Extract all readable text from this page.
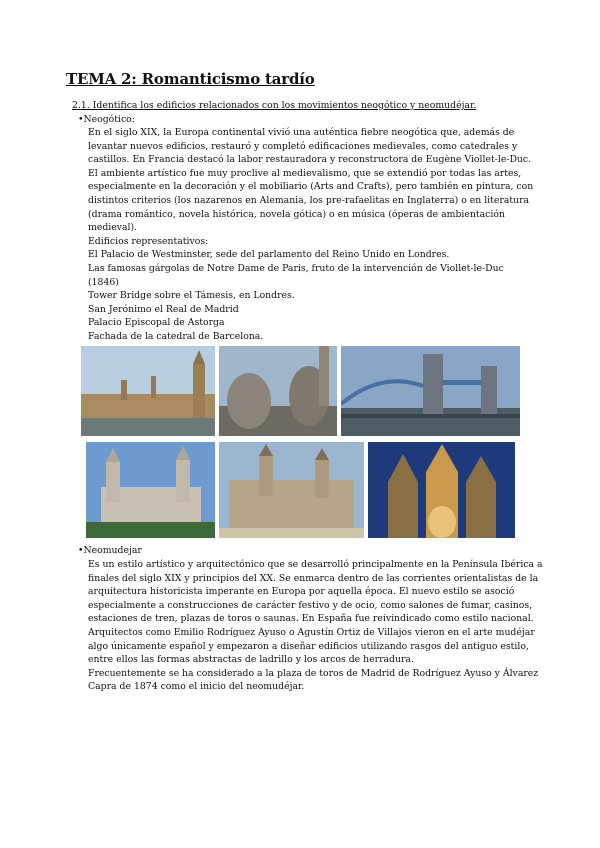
TEMA 2: Romanticismo tardío
2.1. Identifica los edificios relacionados con los movimientos neogótico y neomudéjar.
•Neogótico:
En el siglo XIX, la Europa continental vivió una auténtica fiebre neogótica que, además de
levantar nuevos edificios, restauró y completó edificaciones medievales, como catedrales y
castillos. En Francia destacó la labor restauradora y reconstructora de Eugène Viollet-le-Duc.
El ambiente artístico fue muy proclive al medievalismo, que se extendió por todas las artes,
especialmente en la decoración y el mobiliario (Arts and Crafts), pero también en pintura, con
distintos criterios (los nazarenos en Alemania, los pre-rafaelitas en Inglaterra) o en literatura
(drama romántico, novela histórica, novela gótica) o en música (óperas de ambientación
medieval).
Edificios representativos:
El Palacio de Westminster, sede del parlamento del Reino Unido en Londres.
Las famosas gárgolas de Notre Dame de Paris, fruto de la intervención de Viollet-le-Duc
(1846)
Tower Bridge sobre el Támesis, en Londres.
San Jerónimo el Real de Madrid
Palacio Episcopal de Astorga
Fachada de la catedral de Barcelona.
•Neomudejar
Es un estilo artístico y arquitectónico que se desarrolló principalmente en la Península Ibérica a
finales del siglo XIX y principios del XX. Se enmarca dentro de las corrientes orientalistas de la
arquitectura historicista imperante en Europa por aquella época. El nuevo estilo se asoció
especialmente a construcciones de carácter festivo y de ocio, como salones de fumar, casinos,
estaciones de tren, plazas de toros o saunas. En España fue reivindicado como estilo nacional.
Arquitectos como Emilio Rodríguez Ayuso o Agustín Ortiz de Villajos vieron en el arte mudéjar
algo únicamente español y empezaron a diseñar edificios utilizando rasgos del antiguo estilo,
entre ellos las formas abstractas de ladrillo y los arcos de herradura.
Frecuentemente se ha considerado a la plaza de toros de Madrid de Rodríguez Ayuso y Álvarez
Capra de 1874 como el inicio del neomudéjar.
